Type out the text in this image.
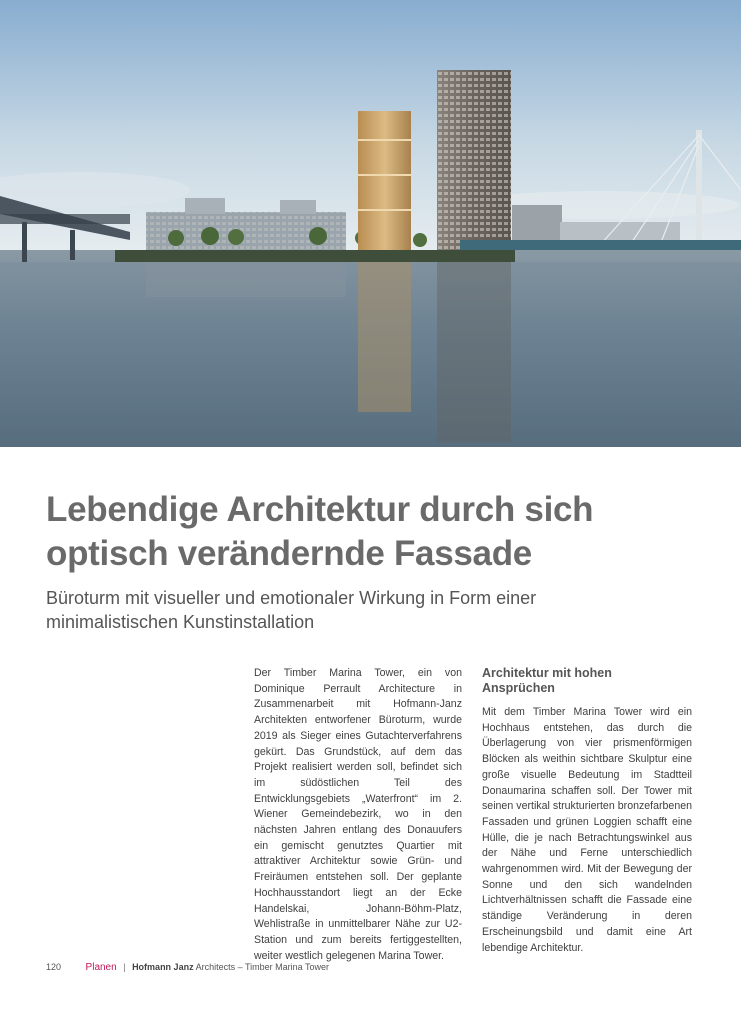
Lebendige Architektur durch sich
optisch verändernde Fassade

Büroturm mit visueller und emotionaler Wirkung in Form einer
minimalistischen Kunstinstallation

Der Timber Marina Tower, ein von Dominique Perrault Architecture in Zusammenarbeit mit Hofmann-Janz Architekten entworfener Büroturm, wurde 2019 als Sieger eines Gutachterverfahrens gekürt. Das Grundstück, auf dem das Projekt realisiert werden soll, befindet sich im südöstlichen Teil des Entwicklungsgebiets „Waterfront“ im 2. Wiener Gemeindebezirk, wo in den nächsten Jahren entlang des Donauufers ein gemischt genutztes Quartier mit attraktiver Architektur sowie Grün- und Freiräumen entstehen soll. Der geplante Hochhausstandort liegt an der Ecke Handelskai, Johann-Böhm-Platz, Wehlistraße in unmittelbarer Nähe zur U2-Station und zum bereits fertiggestellten, weiter westlich gelegenen Marina Tower.

Architektur mit hohen
Ansprüchen

Mit dem Timber Marina Tower wird ein Hochhaus entstehen, das durch die Überlagerung von vier prismenförmigen Blöcken als weithin sichtbare Skulptur eine große visuelle Bedeutung im Stadtteil Donaumarina schaffen soll. Der Tower mit seinen vertikal strukturierten bronzefarbenen Fassaden und grünen Loggien schafft eine Hülle, die je nach Betrachtungswinkel aus der Nähe und Ferne unterschiedlich wahrgenommen wird. Mit der Bewegung der Sonne und den sich wandelnden Lichtverhältnissen schafft die Fassade eine ständige Veränderung in deren Erscheinungsbild und damit eine Art lebendige Architektur.

120 Planen | Hofmann Janz Architects – Timber Marina Tower
